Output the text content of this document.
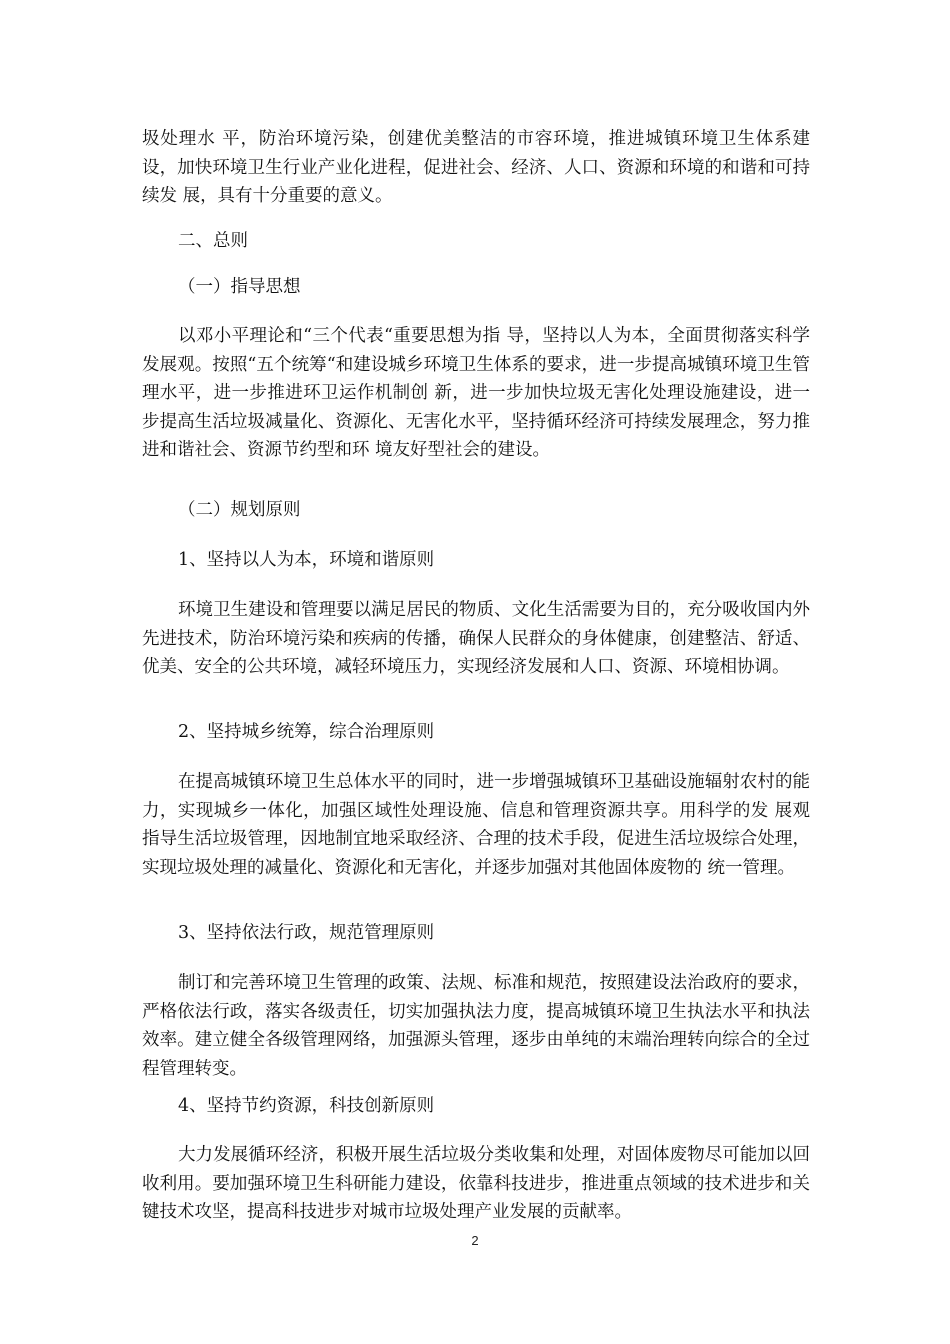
圾处理水 平，防治环境污染，创建优美整洁的市容环境，推进城镇环境卫生体系建设，加快环境卫生行业产业化进程，促进社会、经济、人口、资源和环境的和谐和可持续发 展，具有十分重要的意义。

二、总则

（一）指导思想

以邓小平理论和“三个代表“重要思想为指 导，坚持以人为本，全面贯彻落实科学发展观。按照“五个统筹“和建设城乡环境卫生体系的要求，进一步提高城镇环境卫生管理水平，进一步推进环卫运作机制创 新，进一步加快垃圾无害化处理设施建设，进一步提高生活垃圾减量化、资源化、无害化水平，坚持循环经济可持续发展理念，努力推进和谐社会、资源节约型和环 境友好型社会的建设。

（二）规划原则

1、坚持以人为本，环境和谐原则

环境卫生建设和管理要以满足居民的物质、文化生活需要为目的，充分吸收国内外先进技术，防治环境污染和疾病的传播，确保人民群众的身体健康，创建整洁、舒适、优美、安全的公共环境，减轻环境压力，实现经济发展和人口、资源、环境相协调。

2、坚持城乡统筹，综合治理原则

在提高城镇环境卫生总体水平的同时，进一步增强城镇环卫基础设施辐射农村的能力，实现城乡一体化，加强区域性处理设施、信息和管理资源共享。用科学的发 展观指导生活垃圾管理，因地制宜地采取经济、合理的技术手段，促进生活垃圾综合处理，实现垃圾处理的减量化、资源化和无害化，并逐步加强对其他固体废物的 统一管理。

3、坚持依法行政，规范管理原则

制订和完善环境卫生管理的政策、法规、标准和规范，按照建设法治政府的要求，严格依法行政，落实各级责任，切实加强执法力度，提高城镇环境卫生执法水平和执法效率。建立健全各级管理网络，加强源头管理，逐步由单纯的末端治理转向综合的全过程管理转变。

4、坚持节约资源，科技创新原则

大力发展循环经济，积极开展生活垃圾分类收集和处理，对固体废物尽可能加以回收利用。要加强环境卫生科研能力建设，依靠科技进步，推进重点领域的技术进步和关键技术攻坚，提高科技进步对城市垃圾处理产业发展的贡献率。

2
